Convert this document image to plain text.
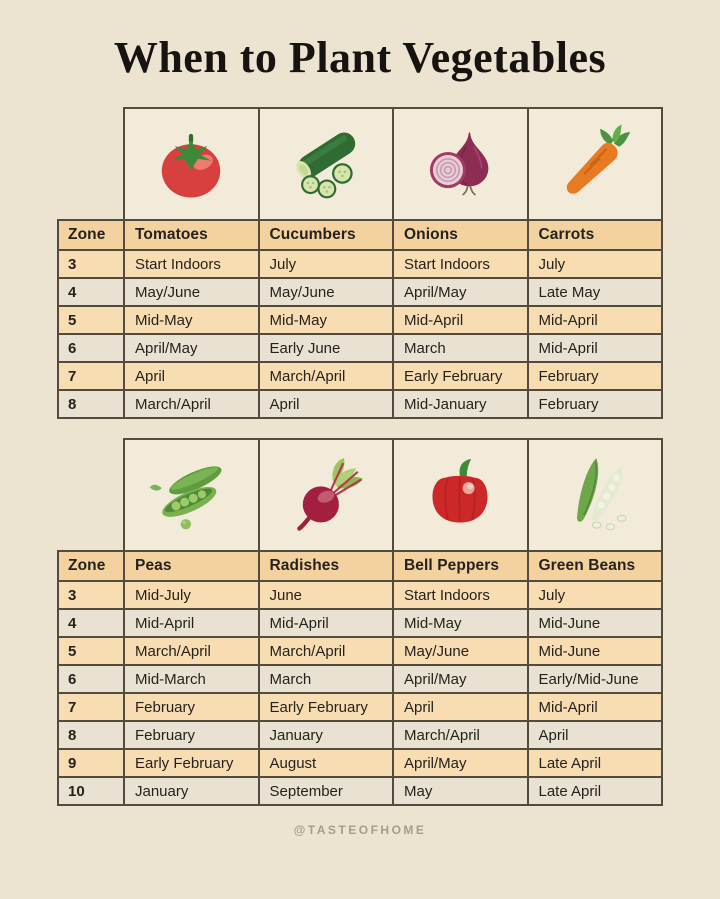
When to Plant Vegetables
Zone	Tomatoes	Cucumbers	Onions	Carrots
3	Start Indoors	July	Start Indoors	July
4	May/June	May/June	April/May	Late May
5	Mid-May	Mid-May	Mid-April	Mid-April
6	April/May	Early June	March	Mid-April
7	April	March/April	Early February	February
8	March/April	April	Mid-January	February
Zone	Peas	Radishes	Bell Peppers	Green Beans
3	Mid-July	June	Start Indoors	July
4	Mid-April	Mid-April	Mid-May	Mid-June
5	March/April	March/April	May/June	Mid-June
6	Mid-March	March	April/May	Early/Mid-June
7	February	Early February	April	Mid-April
8	February	January	March/April	April
9	Early February	August	April/May	Late April
10	January	September	May	Late April
@TASTEOFHOME
